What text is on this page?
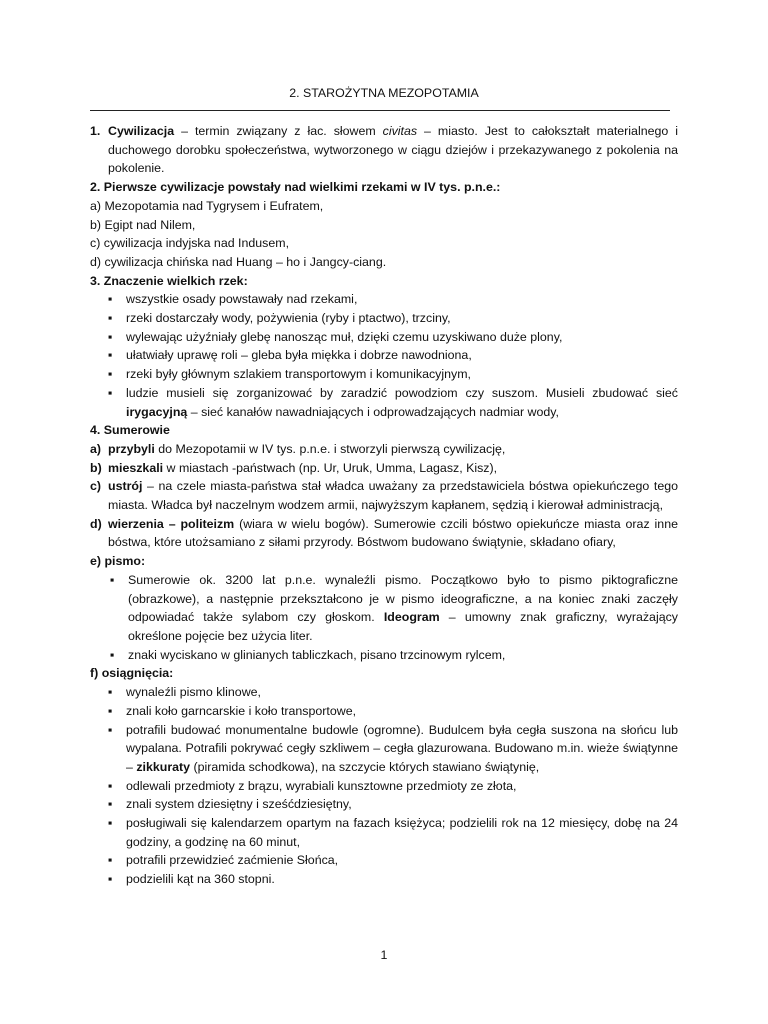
2. STAROŻYTNA MEZOPOTAMIA
1. Cywilizacja – termin związany z łac. słowem civitas – miasto. Jest to całokształt materialnego i duchowego dorobku społeczeństwa, wytworzonego w ciągu dziejów i przekazywanego z pokolenia na pokolenie.
2. Pierwsze cywilizacje powstały nad wielkimi rzekami w IV tys. p.n.e.:
a) Mezopotamia nad Tygrysem i Eufratem,
b) Egipt nad Nilem,
c) cywilizacja indyjska nad Indusem,
d) cywilizacja chińska nad Huang – ho i Jangcy-ciang.
3. Znaczenie wielkich rzek:
▪ wszystkie osady powstawały nad rzekami,
▪ rzeki dostarczały wody, pożywienia (ryby i ptactwo), trzciny,
▪ wylewając użyźniały glebę nanosząc muł, dzięki czemu uzyskiwano duże plony,
▪ ułatwiały uprawę roli – gleba była miękka i dobrze nawodniona,
▪ rzeki były głównym szlakiem transportowym i komunikacyjnym,
▪ ludzie musieli się zorganizować by zaradzić powodziom czy suszom. Musieli zbudować sieć irygacyjną – sieć kanałów nawadniających i odprowadzających nadmiar wody,
4. Sumerowie
a) przybyli do Mezopotamii w IV tys. p.n.e. i stworzyli pierwszą cywilizację,
b) mieszkali w miastach -państwach (np. Ur, Uruk, Umma, Lagasz, Kisz),
c) ustrój – na czele miasta-państwa stał władca uważany za przedstawiciela bóstwa opiekuńczego tego miasta. Władca był naczelnym wodzem armii, najwyższym kapłanem, sędzią i kierował administracją,
d) wierzenia – politeizm (wiara w wielu bogów). Sumerowie czcili bóstwo opiekuńcze miasta oraz inne bóstwa, które utożsamiano z siłami przyrody. Bóstwom budowano świątynie, składano ofiary,
e) pismo:
▪ Sumerowie ok. 3200 lat p.n.e. wynaleźli pismo. Początkowo było to pismo piktograficzne (obrazkowe), a następnie przekształcono je w pismo ideograficzne, a na koniec znaki zaczęły odpowiadać także sylabom czy głoskom. Ideogram – umowny znak graficzny, wyrażający określone pojęcie bez użycia liter.
▪ znaki wyciskano w glinianych tabliczkach, pisano trzcinowym rylcem,
f) osiągnięcia:
▪ wynaleźli pismo klinowe,
▪ znali koło garncarskie i koło transportowe,
▪ potrafili budować monumentalne budowle (ogromne). Budulcem była cegła suszona na słońcu lub wypalana. Potrafili pokrywać cegły szkliwem – cegła glazurowana. Budowano m.in. wieże świątynne – zikkuraty (piramida schodkowa), na szczycie których stawiano świątynię,
▪ odlewali przedmioty z brązu, wyrabiali kunsztowne przedmioty ze złota,
▪ znali system dziesiętny i sześćdziesiętny,
▪ posługiwali się kalendarzem opartym na fazach księżyca; podzielili rok na 12 miesięcy, dobę na 24 godziny, a godzinę na 60 minut,
▪ potrafili przewidzieć zaćmienie Słońca,
▪ podzielili kąt na 360 stopni.
1
